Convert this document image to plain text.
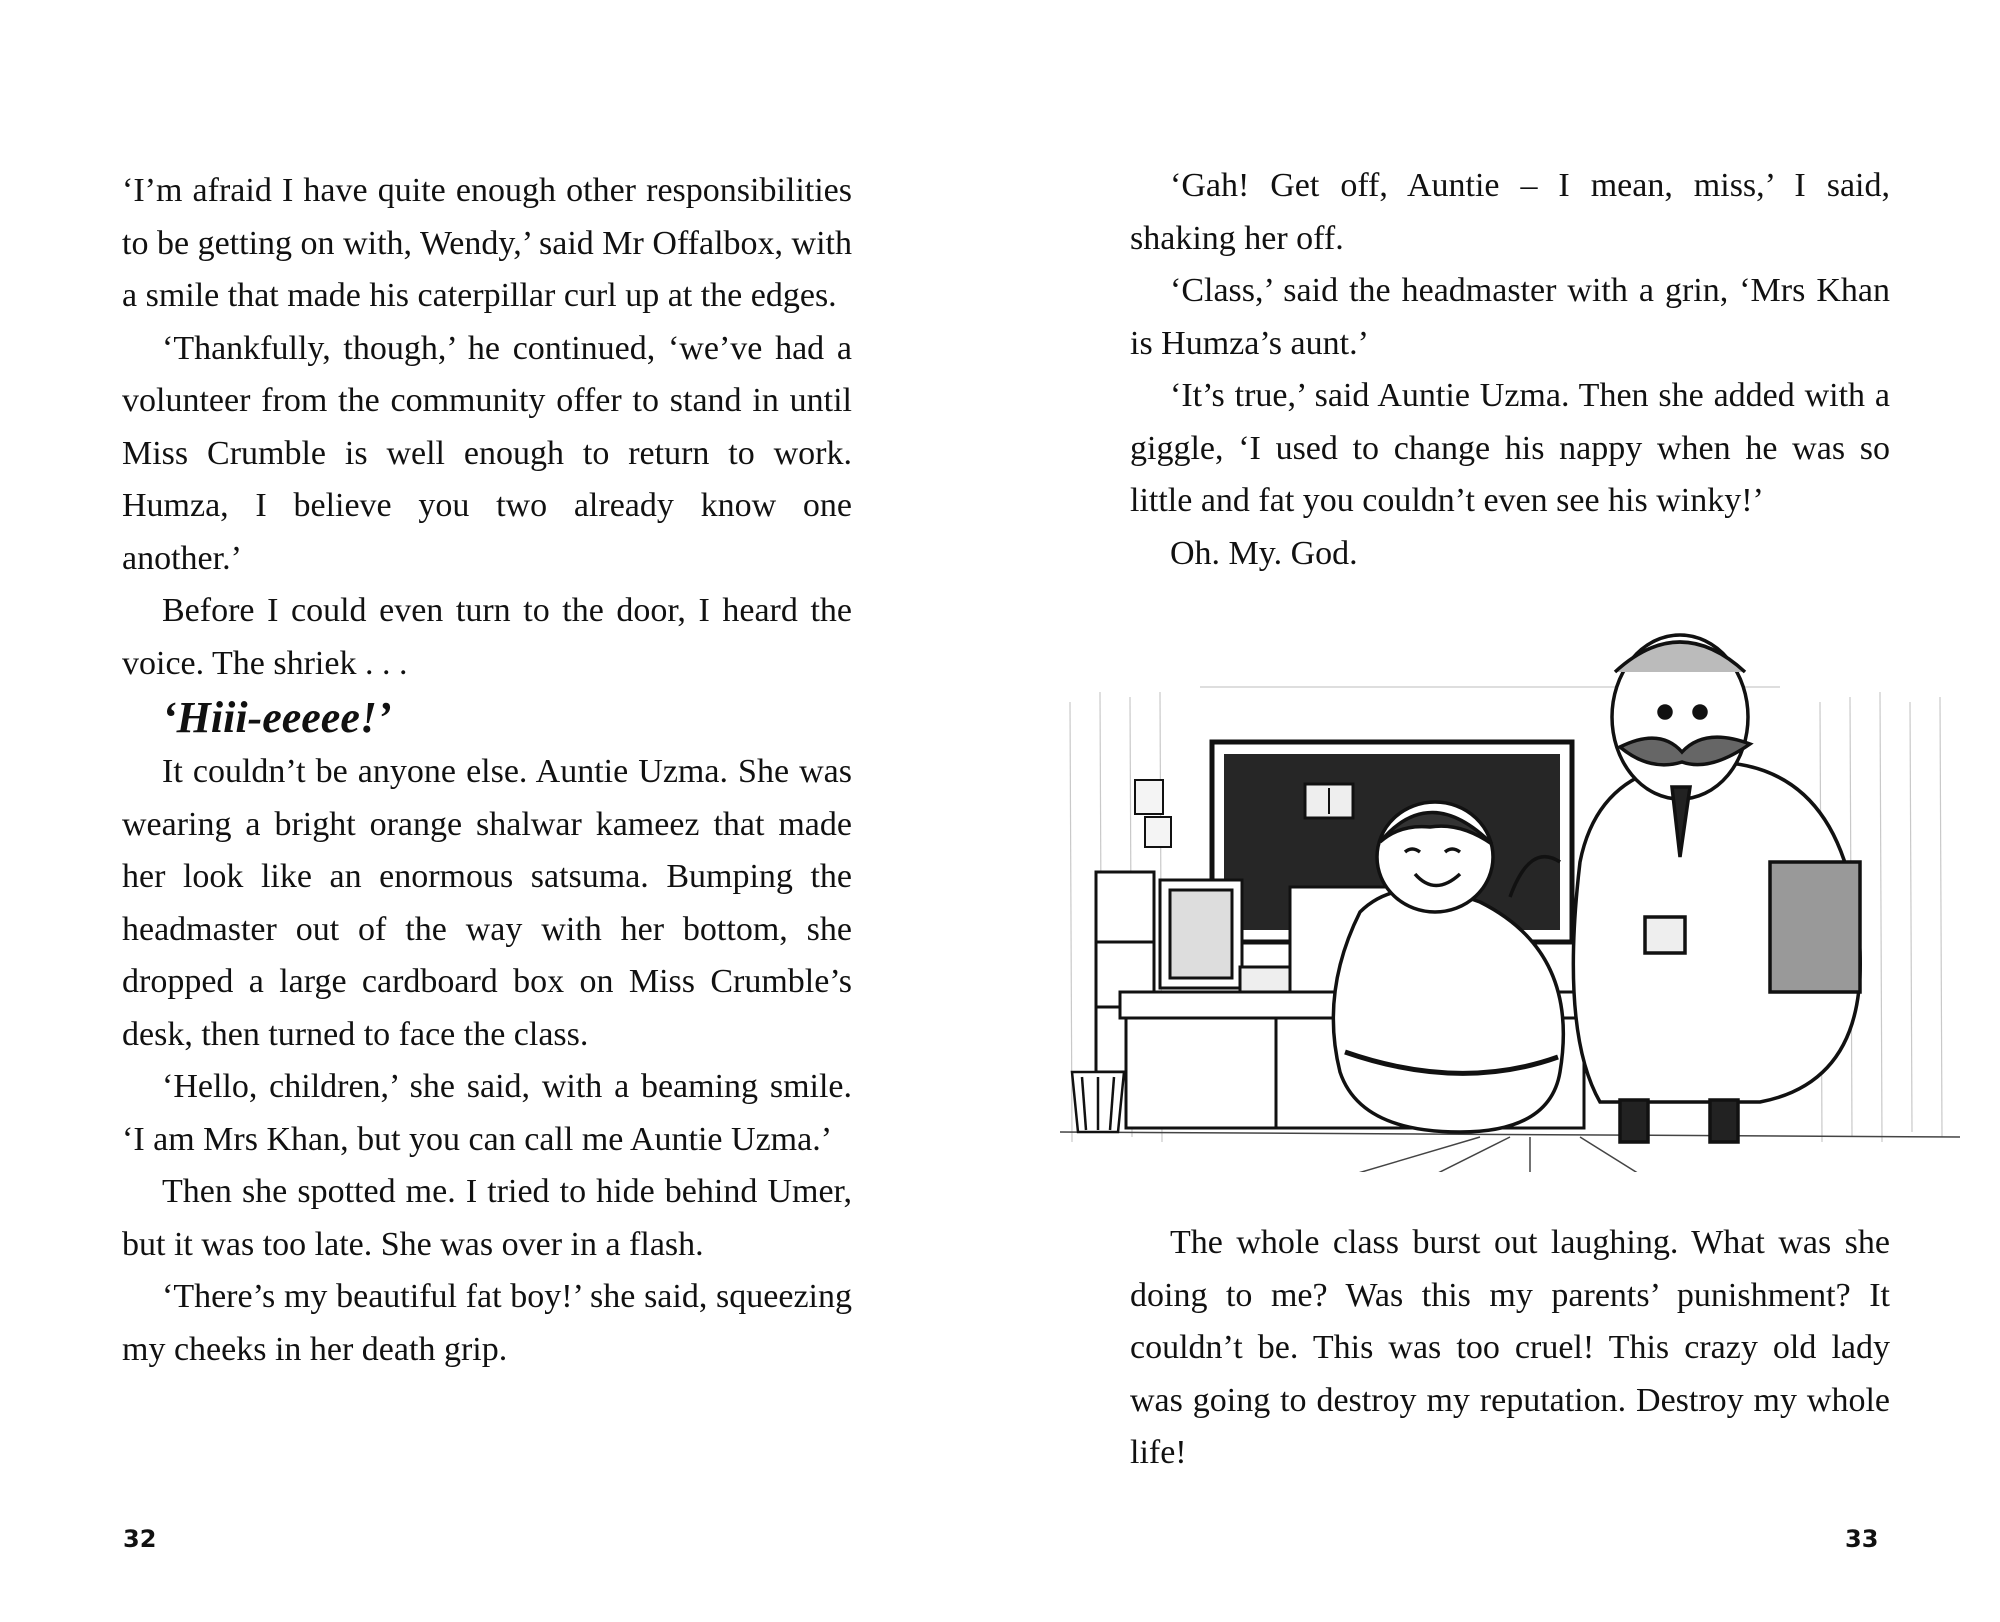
‘I’m afraid I have quite enough other responsibilities to be getting on with, Wendy,’ said Mr Offalbox, with a smile that made his caterpillar curl up at the edges.

‘Thankfully, though,’ he continued, ‘we’ve had a volunteer from the community offer to stand in until Miss Crumble is well enough to return to work. Humza, I believe you two already know one another.’

Before I could even turn to the door, I heard the voice. The shriek . . .

‘Hiii-eeeee!’

It couldn’t be anyone else. Auntie Uzma. She was wearing a bright orange shalwar kameez that made her look like an enormous satsuma. Bumping the headmaster out of the way with her bottom, she dropped a large cardboard box on Miss Crumble’s desk, then turned to face the class.

‘Hello, children,’ she said, with a beaming smile. ‘I am Mrs Khan, but you can call me Auntie Uzma.’

Then she spotted me. I tried to hide behind Umer, but it was too late. She was over in a flash.

‘There’s my beautiful fat boy!’ she said, squeezing my cheeks in her death grip.

32

‘Gah! Get off, Auntie – I mean, miss,’ I said, shaking her off.

‘Class,’ said the headmaster with a grin, ‘Mrs Khan is Humza’s aunt.’

‘It’s true,’ said Auntie Uzma. Then she added with a giggle, ‘I used to change his nappy when he was so little and fat you couldn’t even see his winky!’

Oh. My. God.

The whole class burst out laughing. What was she doing to me? Was this my parents’ punishment? It couldn’t be. This was too cruel! This crazy old lady was going to destroy my reputation. Destroy my whole life!

33
